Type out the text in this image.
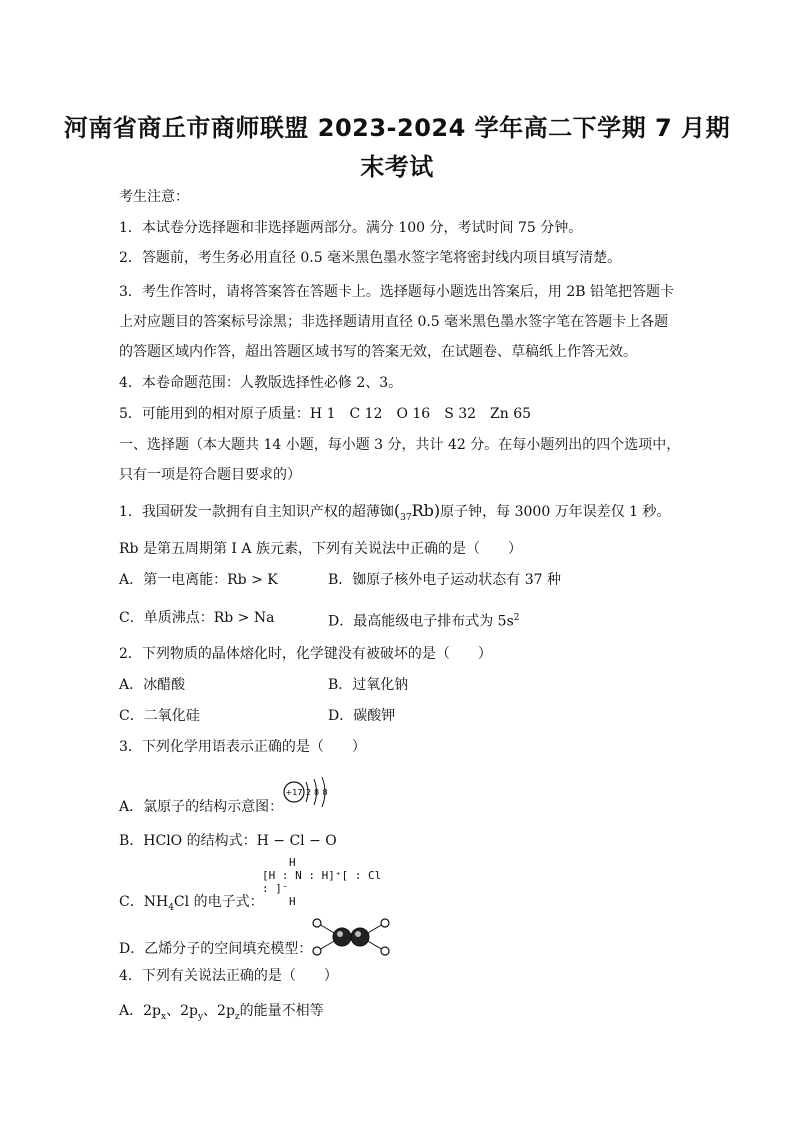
河南省商丘市商师联盟 2023-2024 学年高二下学期 7 月期
末考试
考生注意：
1．本试卷分选择题和非选择题两部分。满分 100 分，考试时间 75 分钟。
2．答题前，考生务必用直径 0.5 毫米黑色墨水签字笔将密封线内项目填写清楚。
3．考生作答时，请将答案答在答题卡上。选择题每小题选出答案后，用 2B 铅笔把答题卡
上对应题目的答案标号涂黑；非选择题请用直径 0.5 毫米黑色墨水签字笔在答题卡上各题
的答题区域内作答，超出答题区域书写的答案无效，在试题卷、草稿纸上作答无效。
4．本卷命题范围：人教版选择性必修 2、3。
5．可能用到的相对原子质量：H 1　C 12　O 16　S 32　Zn 65
一、选择题（本大题共 14 小题，每小题 3 分，共计 42 分。在每小题列出的四个选项中，
只有一项是符合题目要求的）
1．我国研发一款拥有自主知识产权的超薄铷$(_{37}Rb)$原子钟，每 3000 万年误差仅 1 秒。
Rb 是第五周期第 I A 族元素，下列有关说法中正确的是（　　）
A．第一电离能：Rb > K	B．铷原子核外电子运动状态有 37 种
C．单质沸点：Rb > Na	D．最高能级电子排布式为 $5s^2$
2．下列物质的晶体熔化时，化学键没有被破坏的是（　　）
A．冰醋酸	B．过氧化钠
C．二氧化硅	D．碳酸钾
3．下列化学用语表示正确的是（　　）
A．氯原子的结构示意图：
+17 2 8 8
B．HClO 的结构式：H − Cl − O
C．$NH_4Cl$ 的电子式：
H
[H : N : H]⁺[ : Cl : ]⁻
H
D．乙烯分子的空间填充模型：
4．下列有关说法正确的是（　　）
A．$2p_x$、$2p_y$、$2p_z$的能量不相等
